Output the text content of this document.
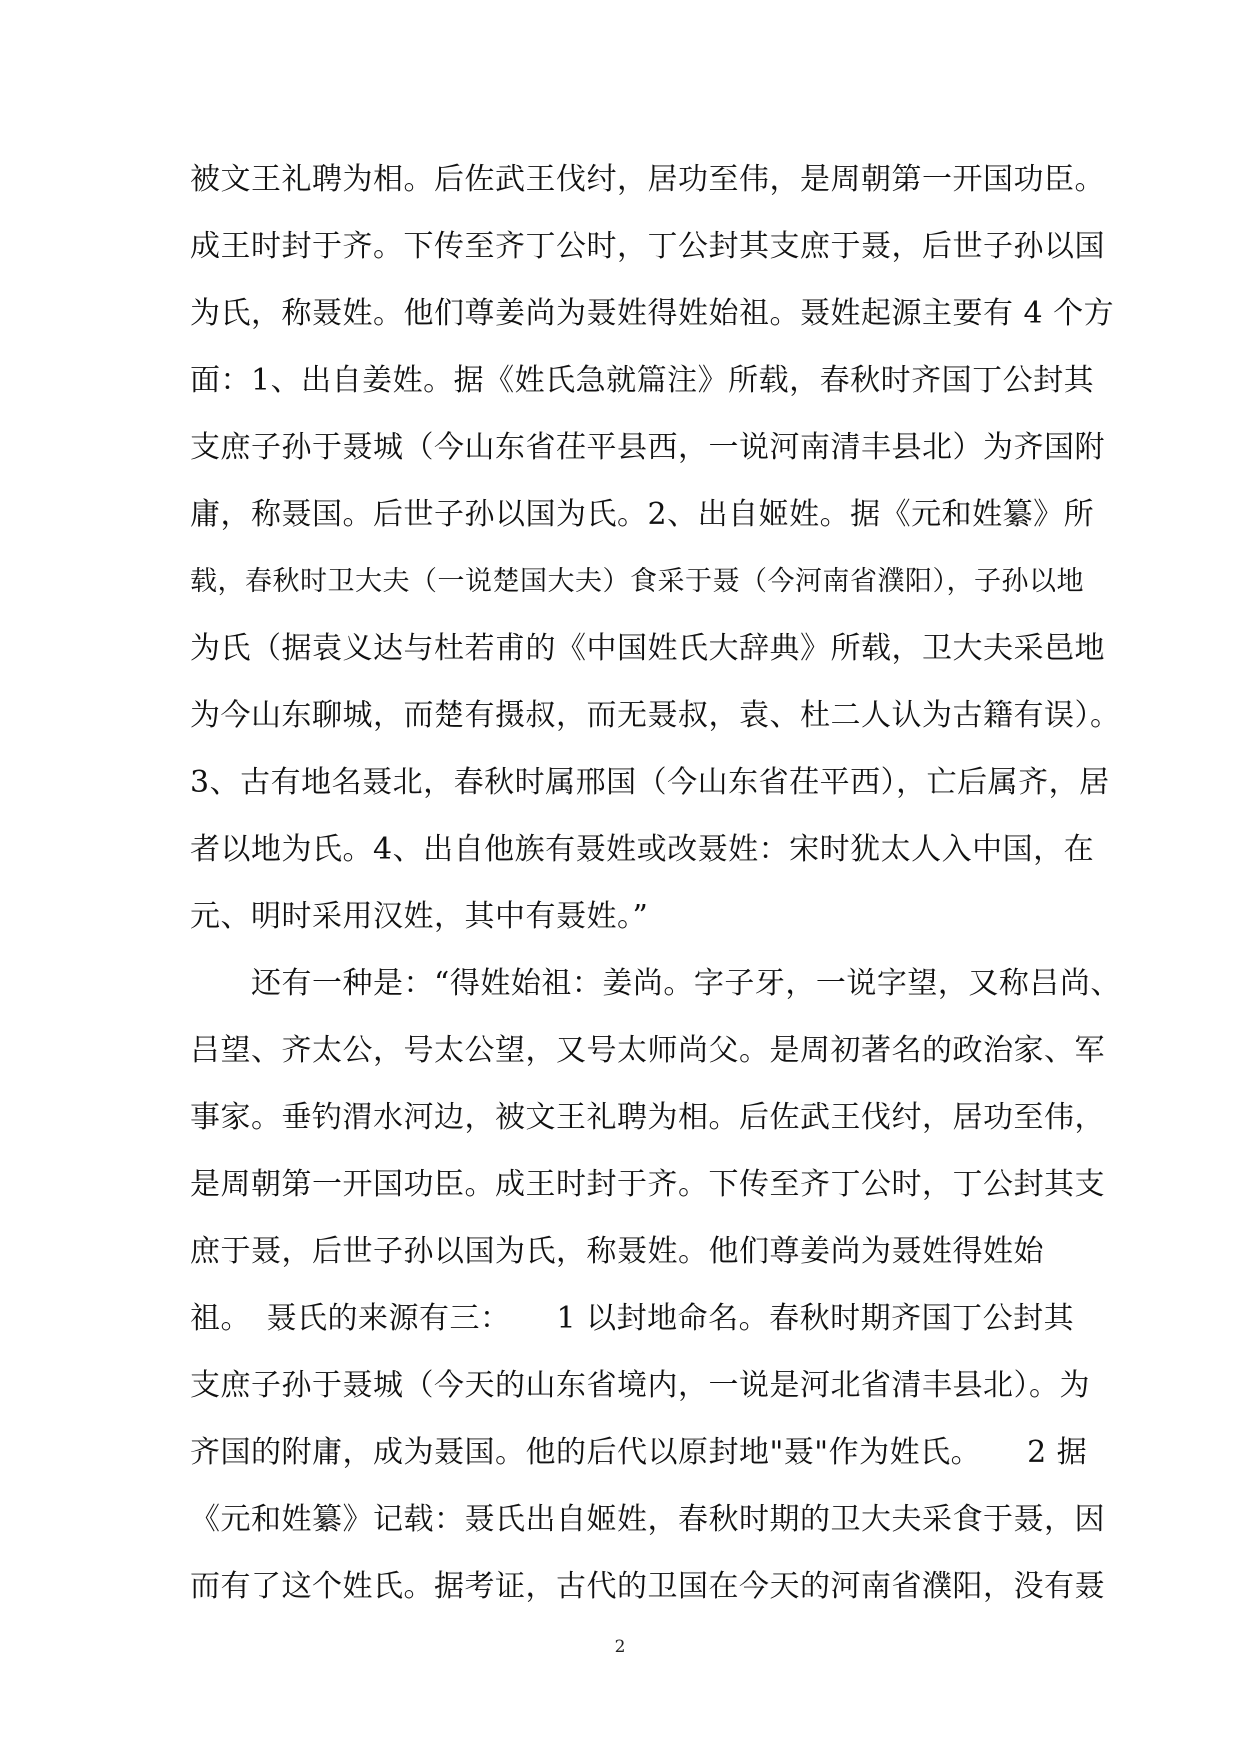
被文王礼聘为相。后佐武王伐纣，居功至伟，是周朝第一开国功臣。
成王时封于齐。下传至齐丁公时，丁公封其支庶于聂，后世子孙以国
为氏，称聂姓。他们尊姜尚为聂姓得姓始祖。聂姓起源主要有 4 个方
面：1、出自姜姓。据《姓氏急就篇注》所载，春秋时齐国丁公封其
支庶子孙于聂城（今山东省茌平县西，一说河南清丰县北）为齐国附
庸，称聂国。后世子孙以国为氏。2、出自姬姓。据《元和姓纂》所
载，春秋时卫大夫（一说楚国大夫）食采于聂（今河南省濮阳），子孙以地
为氏（据袁义达与杜若甫的《中国姓氏大辞典》所载，卫大夫采邑地
为今山东聊城，而楚有摄叔，而无聂叔，袁、杜二人认为古籍有误）。
3、古有地名聂北，春秋时属邢国（今山东省茌平西），亡后属齐，居
者以地为氏。4、出自他族有聂姓或改聂姓：宋时犹太人入中国，在
元、明时采用汉姓，其中有聂姓。”
　　还有一种是：“得姓始祖：姜尚。字子牙，一说字望，又称吕尚、
吕望、齐太公，号太公望，又号太师尚父。是周初著名的政治家、军
事家。垂钓渭水河边，被文王礼聘为相。后佐武王伐纣，居功至伟，
是周朝第一开国功臣。成王时封于齐。下传至齐丁公时，丁公封其支
庶于聂，后世子孙以国为氏，称聂姓。他们尊姜尚为聂姓得姓始
祖。　聂氏的来源有三：　　1 以封地命名。春秋时期齐国丁公封其
支庶子孙于聂城（今天的山东省境内，一说是河北省清丰县北）。为
齐国的附庸，成为聂国。他的后代以原封地"聂"作为姓氏。　　2 据
《元和姓纂》记载：聂氏出自姬姓，春秋时期的卫大夫采食于聂，因
而有了这个姓氏。据考证，古代的卫国在今天的河南省濮阳，没有聂
2
